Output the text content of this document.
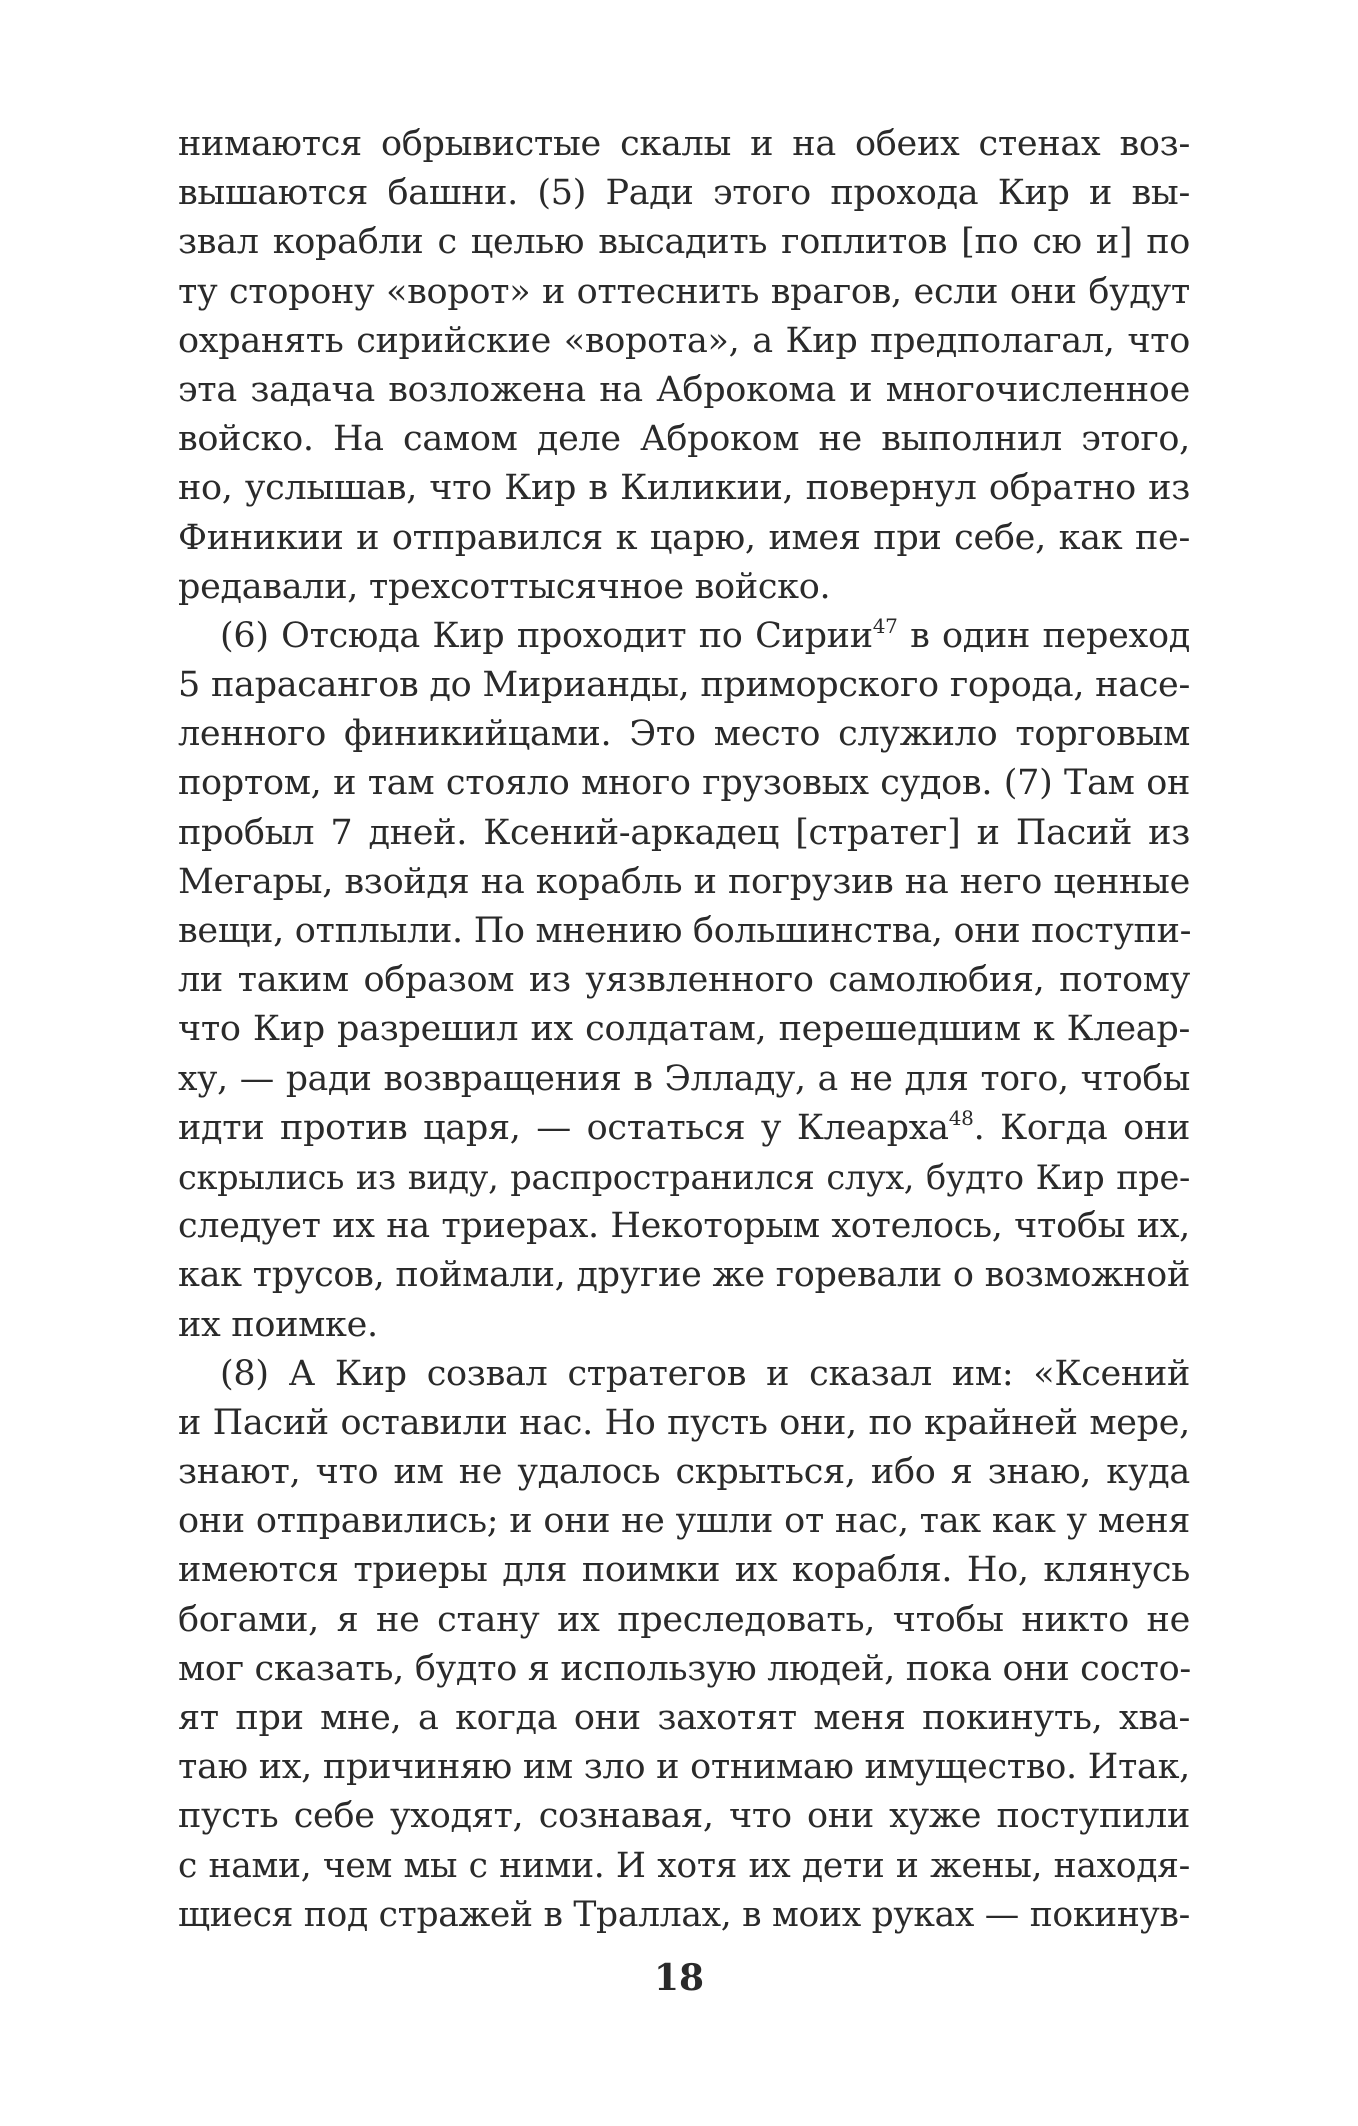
нимаются обрывистые скалы и на обеих стенах воз-
вышаются башни. (5) Ради этого прохода Кир и вы-
звал корабли с целью высадить гоплитов [по сю и] по
ту сторону «ворот» и оттеснить врагов, если они будут
охранять сирийские «ворота», а Кир предполагал, что
эта задача возложена на Аброкома и многочисленное
войско. На самом деле Аброком не выполнил этого,
но, услышав, что Кир в Киликии, повернул обратно из
Финикии и отправился к царю, имея при себе, как пе-
редавали, трехсоттысячное войско.
(6) Отсюда Кир проходит по Сирии$^{47}$ в один переход
5 парасангов до Мирианды, приморского города, насе-
ленного финикийцами. Это место служило торговым
портом, и там стояло много грузовых судов. (7) Там он
пробыл 7 дней. Ксений-аркадец [стратег] и Пасий из
Мегары, взойдя на корабль и погрузив на него ценные
вещи, отплыли. По мнению большинства, они поступи-
ли таким образом из уязвленного самолюбия, потому
что Кир разрешил их солдатам, перешедшим к Клеар-
ху, — ради возвращения в Элладу, а не для того, чтобы
идти против царя, — остаться у Клеарха$^{48}$. Когда они
скрылись из виду, распространился слух, будто Кир пре-
следует их на триерах. Некоторым хотелось, чтобы их,
как трусов, поймали, другие же горевали о возможной
их поимке.
(8) А Кир созвал стратегов и сказал им: «Ксений
и Пасий оставили нас. Но пусть они, по крайней мере,
знают, что им не удалось скрыться, ибо я знаю, куда
они отправились; и они не ушли от нас, так как у меня
имеются триеры для поимки их корабля. Но, клянусь
богами, я не стану их преследовать, чтобы никто не
мог сказать, будто я использую людей, пока они состо-
ят при мне, а когда они захотят меня покинуть, хва-
таю их, причиняю им зло и отнимаю имущество. Итак,
пусть себе уходят, сознавая, что они хуже поступили
с нами, чем мы с ними. И хотя их дети и жены, находя-
щиеся под стражей в Траллах, в моих руках — покинув-
18
